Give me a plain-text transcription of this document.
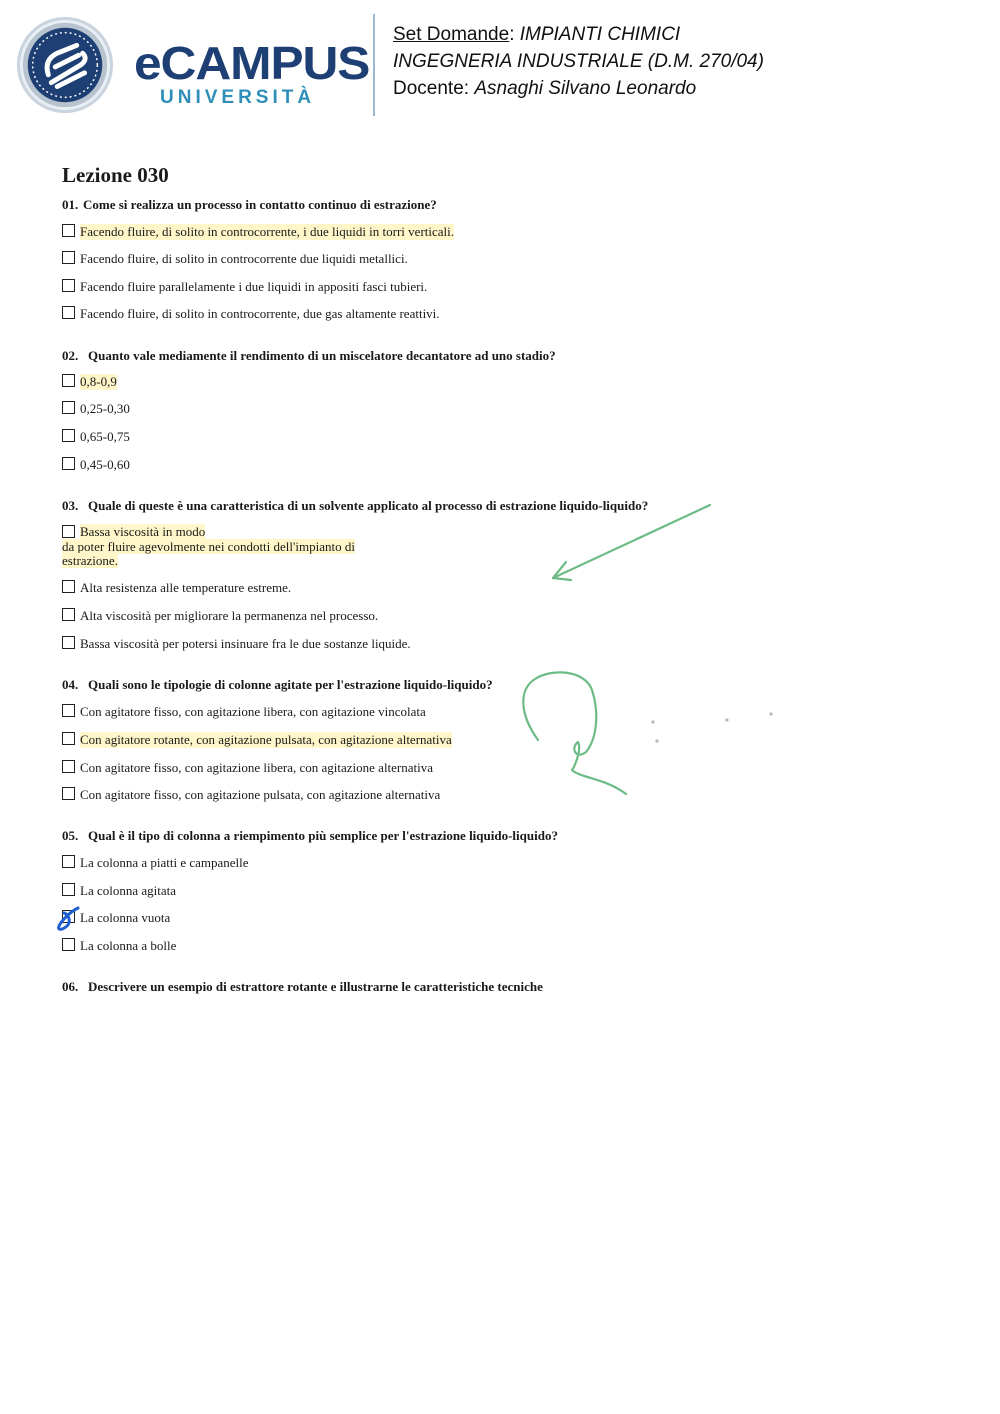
eCAMPUS
UNIVERSITÀ
Set Domande: IMPIANTI CHIMICI
INGEGNERIA INDUSTRIALE (D.M. 270/04)
Docente: Asnaghi Silvano Leonardo
Lezione 030
01. Come si realizza un processo in contatto continuo di estrazione?
Facendo fluire, di solito in controcorrente, i due liquidi in torri verticali.
Facendo fluire, di solito in controcorrente due liquidi metallici.
Facendo fluire parallelamente i due liquidi in appositi fasci tubieri.
Facendo fluire, di solito in controcorrente, due gas altamente reattivi.
02. Quanto vale mediamente il rendimento di un miscelatore decantatore ad uno stadio?
0,8-0,9
0,25-0,30
0,65-0,75
0,45-0,60
03. Quale di queste è una caratteristica di un solvente applicato al processo di estrazione liquido-liquido?
Bassa viscosità in modo
da poter fluire agevolmente nei condotti dell'impianto di
estrazione.
Alta resistenza alle temperature estreme.
Alta viscosità per migliorare la permanenza nel processo.
Bassa viscosità per potersi insinuare fra le due sostanze liquide.
04. Quali sono le tipologie di colonne agitate per l'estrazione liquido-liquido?
Con agitatore fisso, con agitazione libera, con agitazione vincolata
Con agitatore rotante, con agitazione pulsata, con agitazione alternativa
Con agitatore fisso, con agitazione libera, con agitazione alternativa
Con agitatore fisso, con agitazione pulsata, con agitazione alternativa
05. Qual è il tipo di colonna a riempimento più semplice per l'estrazione liquido-liquido?
La colonna a piatti e campanelle
La colonna agitata
La colonna vuota
La colonna a bolle
06. Descrivere un esempio di estrattore rotante e illustrarne le caratteristiche tecniche
